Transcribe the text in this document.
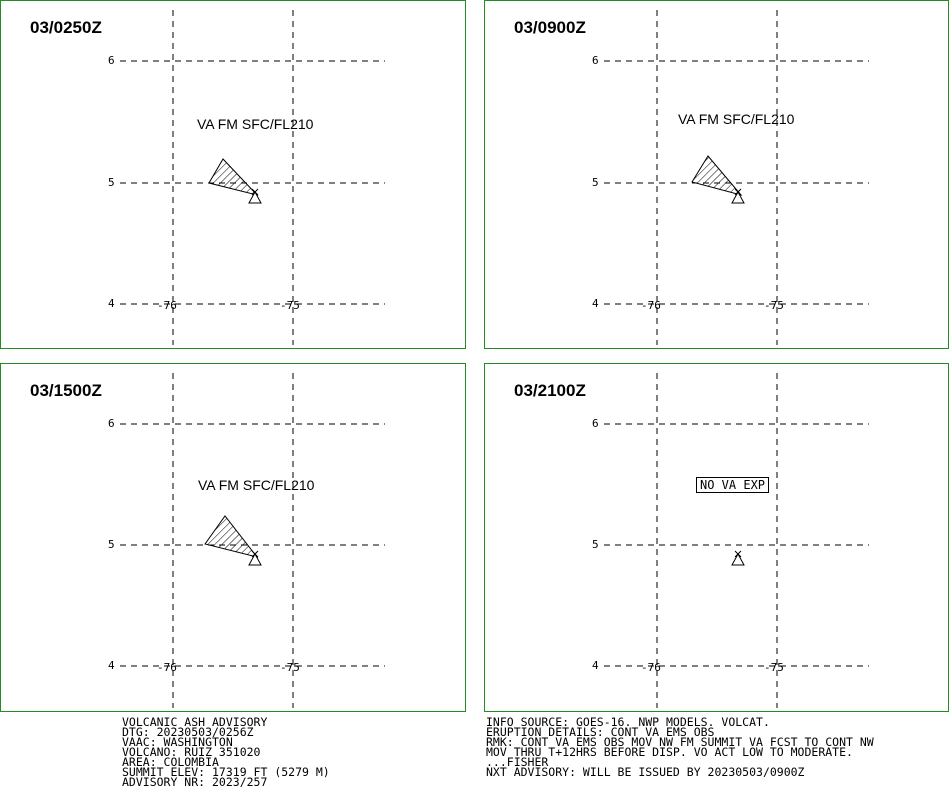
03/0250Z
VA FM SFC/FL210
6
5
4	-76	-75
03/0900Z
VA FM SFC/FL210
6
5
4	-76	-75
03/1500Z
VA FM SFC/FL210
6
5
4	-76	-75
03/2100Z
NO VA EXP
6
5
4	-76	-75
VOLCANIC ASH ADVISORY
DTG: 20230503/0256Z
VAAC: WASHINGTON
VOLCANO: RUIZ 351020
AREA: COLOMBIA
SUMMIT ELEV: 17319 FT (5279 M)
ADVISORY NR: 2023/257
INFO SOURCE: GOES-16. NWP MODELS. VOLCAT.
ERUPTION DETAILS: CONT VA EMS OBS
RMK: CONT VA EMS OBS MOV NW FM SUMMIT VA FCST TO CONT NW
MOV THRU T+12HRS BEFORE DISP. VO ACT LOW TO MODERATE.
...FISHER
NXT ADVISORY: WILL BE ISSUED BY 20230503/0900Z
